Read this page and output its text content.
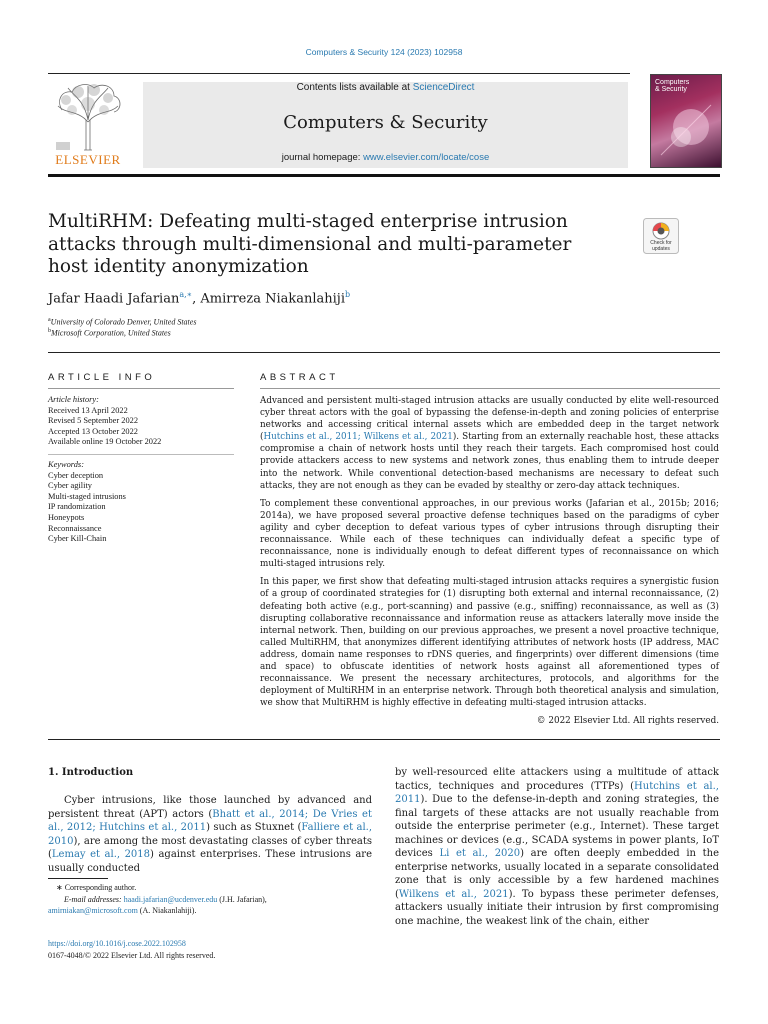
Computers & Security 124 (2023) 102958
ELSEVIER
Contents lists available at ScienceDirect
Computers & Security
journal homepage: www.elsevier.com/locate/cose
Computers
& Security
MultiRHM: Defeating multi-staged enterprise intrusion attacks through multi-dimensional and multi-parameter host identity anonymization
Check for
updates
Jafar Haadi Jafarian$^{a,∗}$, Amirreza Niakanlahiji$^b$
$^a$University of Colorado Denver, United States
$^b$Microsoft Corporation, United States
ARTICLE INFO
Article history:
Received 13 April 2022
Revised 5 September 2022
Accepted 13 October 2022
Available online 19 October 2022
Keywords:
Cyber deception
Cyber agility
Multi-staged intrusions
IP randomization
Honeypots
Reconnaissance
Cyber Kill-Chain
ABSTRACT

Advanced and persistent multi-staged intrusion attacks are usually conducted by elite well-resourced cyber threat actors with the goal of bypassing the defense-in-depth and zoning policies of enterprise networks and accessing critical internal assets which are embedded deep in the target network (Hutchins et al., 2011; Wilkens et al., 2021). Starting from an externally reachable host, these attacks compromise a chain of network hosts until they reach their targets. Each compromised host could provide attackers access to new systems and network zones, thus enabling them to intrude deeper into the network. While conventional detection-based mechanisms are necessary to defeat such attacks, they are not enough as they can be evaded by stealthy or zero-day attack techniques.

To complement these conventional approaches, in our previous works (Jafarian et al., 2015b; 2016; 2014a), we have proposed several proactive defense techniques based on the paradigms of cyber agility and cyber deception to defeat various types of cyber intrusions through disrupting their reconnaissance. While each of these techniques can individually defeat a specific type of reconnaissance, none is individually enough to defeat different types of reconnaissance on which multi-staged intrusions rely.

In this paper, we first show that defeating multi-staged intrusion attacks requires a synergistic fusion of a group of coordinated strategies for (1) disrupting both external and internal reconnaissance, (2) defeating both active (e.g., port-scanning) and passive (e.g., sniffing) reconnaissance, as well as (3) disrupting collaborative reconnaissance and information reuse as attackers laterally move inside the internal network. Then, building on our previous approaches, we present a novel proactive technique, called MultiRHM, that anonymizes different identifying attributes of network hosts (IP address, MAC address, domain name responses to rDNS queries, and fingerprints) over different dimensions (time and space) to obfuscate identities of network hosts against all aforementioned types of reconnaissance. We present the necessary architectures, protocols, and algorithms for the deployment of MultiRHM in an enterprise network. Through both theoretical analysis and simulation, we show that MultiRHM is highly effective in defeating multi-staged intrusion attacks.

© 2022 Elsevier Ltd. All rights reserved.
1. Introduction

Cyber intrusions, like those launched by advanced and persistent threat (APT) actors (Bhatt et al., 2014; De Vries et al., 2012; Hutchins et al., 2011) such as Stuxnet (Falliere et al., 2010), are among the most devastating classes of cyber threats (Lemay et al., 2018) against enterprises. These intrusions are usually conducted

by well-resourced elite attackers using a multitude of attack tactics, techniques and procedures (TTPs) (Hutchins et al., 2011). Due to the defense-in-depth and zoning strategies, the final targets of these attacks are not usually reachable from outside the enterprise perimeter (e.g., Internet). These target machines or devices (e.g., SCADA systems in power plants, IoT devices Li et al., 2020) are often deeply embedded in the enterprise networks, usually located in a separate consolidated zone that is only accessible by a few hardened machines (Wilkens et al., 2021). To bypass these perimeter defenses, attackers usually initiate their intrusion by first compromising one machine, the weakest link of the chain, either

∗ Corresponding author.
E-mail addresses: haadi.jafarian@ucdenver.edu (J.H. Jafarian),
amirniakan@microsoft.com (A. Niakanlahiji).
https://doi.org/10.1016/j.cose.2022.102958
0167-4048/© 2022 Elsevier Ltd. All rights reserved.
